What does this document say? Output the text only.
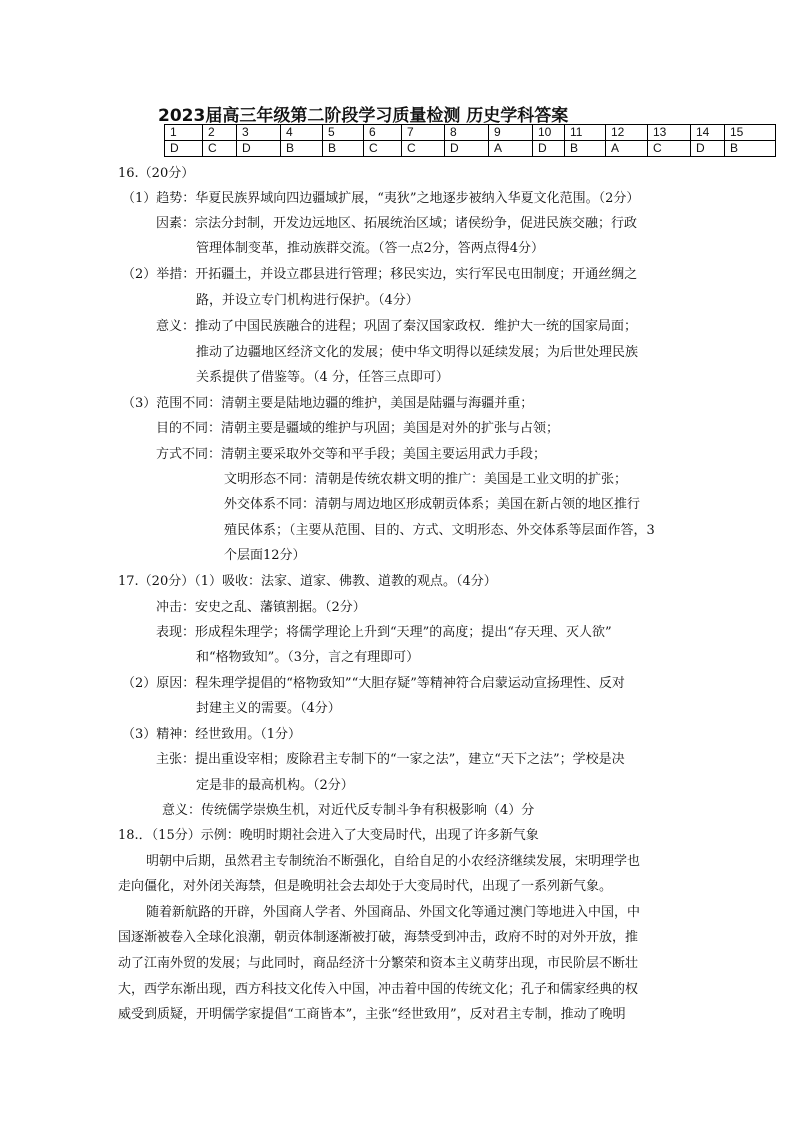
2023届高三年级第二阶段学习质量检测 历史学科答案
1	2	3	4	5	6	7	8	9	10	11	12	13	14	15
D	C	D	B	B	C	C	D	A	D	B	A	C	D	B
16.（20分）
（1）趋势：华夏民族界域向四边疆域扩展，“夷狄”之地逐步被纳入华夏文化范围。（2分）
因素：宗法分封制，开发边远地区、拓展统治区域；诸侯纷争，促进民族交融；行政
管理体制变革，推动族群交流。（答一点2分，答两点得4分）
（2）举措：开拓疆土，并设立郡县进行管理；移民实边，实行军民屯田制度；开通丝绸之
路，并设立专门机构进行保护。（4分）
意义：推动了中国民族融合的进程；巩固了秦汉国家政权．维护大一统的国家局面；
推动了边疆地区经济文化的发展；使中华文明得以延续发展；为后世处理民族
关系提供了借鉴等。（4 分，任答三点即可）
（3）范围不同：清朝主要是陆地边疆的维护，美国是陆疆与海疆并重；
目的不同：清朝主要是疆域的维护与巩固；美国是对外的扩张与占领；
方式不同：清朝主要采取外交等和平手段；美国主要运用武力手段；
文明形态不同：清朝是传统农耕文明的推广：美国是工业文明的扩张；
外交体系不同：清朝与周边地区形成朝贡体系；美国在新占领的地区推行
殖民体系；（主要从范围、目的、方式、文明形态、外交体系等层面作答，3
个层面12分）
17.（20分）（1）吸收：法家、道家、佛教、道教的观点。（4分）
冲击：安史之乱、藩镇割据。（2分）
表现：形成程朱理学；将儒学理论上升到“天理”的高度；提出“存天理、灭人欲”
和“格物致知”。（3分，言之有理即可）
（2）原因：程朱理学提倡的“格物致知”“大胆存疑”等精神符合启蒙运动宣扬理性、反对
封建主义的需要。（4分）
（3）精神：经世致用。（1分）
主张：提出重设宰相；废除君主专制下的“一家之法”，建立“天下之法”；学校是决
定是非的最高机构。（2分）
意义：传统儒学崇焕生机，对近代反专制斗争有积极影响（4）分
18.．（15分）示例：晚明时期社会进入了大变局时代，出现了许多新气象
明朝中后期，虽然君主专制统治不断强化，自给自足的小农经济继续发展，宋明理学也
走向僵化，对外闭关海禁，但是晚明社会去却处于大变局时代，出现了一系列新气象。
随着新航路的开辟，外国商人学者、外国商品、外国文化等通过澳门等地进入中国，中
国逐渐被卷入全球化浪潮，朝贡体制逐渐被打破，海禁受到冲击，政府不时的对外开放，推
动了江南外贸的发展；与此同时，商品经济十分繁荣和资本主义萌芽出现，市民阶层不断壮
大，西学东渐出现，西方科技文化传入中国，冲击着中国的传统文化；孔子和儒家经典的权
威受到质疑，开明儒学家提倡“工商皆本”，主张“经世致用”，反对君主专制，推动了晚明
